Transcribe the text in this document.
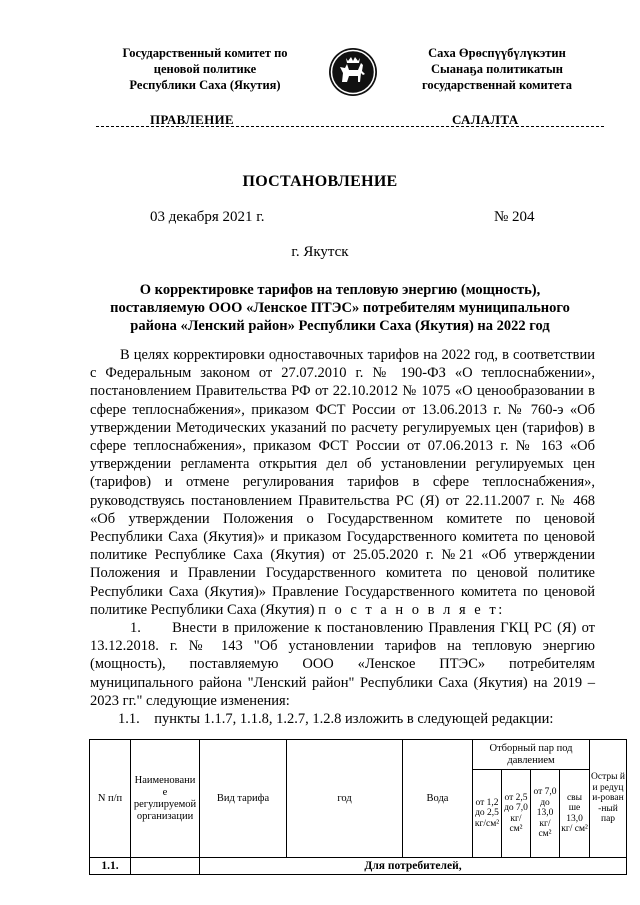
Государственный комитет по
ценовой политике
Республики Саха (Якутия)
Саха Өрөспүүбүлүкэтин
Сыанаҕа политикатын
государственнай комитета
ПРАВЛЕНИЕ	САЛАЛТА
ПОСТАНОВЛЕНИЕ
03 декабря 2021 г.	№ 204
г. Якутск
О корректировке тарифов на тепловую энергию (мощность),
поставляемую ООО «Ленское ПТЭС» потребителям муниципального
района «Ленский район» Республики Саха (Якутия) на 2022 год

В целях корректировки одноставочных тарифов на 2022 год, в соответствии с Федеральным законом от 27.07.2010 г. № 190-ФЗ «О теплоснабжении», постановлением Правительства РФ от 22.10.2012 № 1075 «О ценообразовании в сфере теплоснабжения», приказом ФСТ России от 13.06.2013 г. № 760-э «Об утверждении Методических указаний по расчету регулируемых цен (тарифов) в сфере теплоснабжения», приказом ФСТ России от 07.06.2013 г. № 163 «Об утверждении регламента открытия дел об установлении регулируемых цен (тарифов) и отмене регулирования тарифов в сфере теплоснабжения», руководствуясь постановлением Правительства РС (Я) от 22.11.2007 г. № 468 «Об утверждении Положения о Государственном комитете по ценовой Республики Саха (Якутия)» и приказом Государственного комитета по ценовой политике Республике Саха (Якутия) от 25.05.2020 г. №21 «Об утверждении Положения и Правлении Государственного комитета по ценовой политике Республики Саха (Якутия)» Правление Государственного комитета по ценовой политике Республики Саха (Якутия) п о с т а н о в л я е т:

1. Внести в приложение к постановлению Правления ГКЦ РС (Я) от 13.12.2018. г. № 143 "Об установлении тарифов на тепловую энергию (мощность), поставляемую ООО «Ленское ПТЭС» потребителям муниципального района "Ленский район" Республики Саха (Якутия) на 2019 – 2023 гг." следующие изменения:

1.1. пункты 1.1.7, 1.1.8, 1.2.7, 1.2.8 изложить в следующей редакции:

N п/п	Наименовани е регулируемой организации	Вид тарифа	год	Вода	Отборный пар под давлением				Остры й и редуц и-рован -ный пар
					от 1,2 до 2,5 кг/см²	от 2,5 до 7,0 кг/ см²	от 7,0 до 13,0 кг/ см²	свы ше 13,0 кг/ см²	
1.1.		Для потребителей,							
